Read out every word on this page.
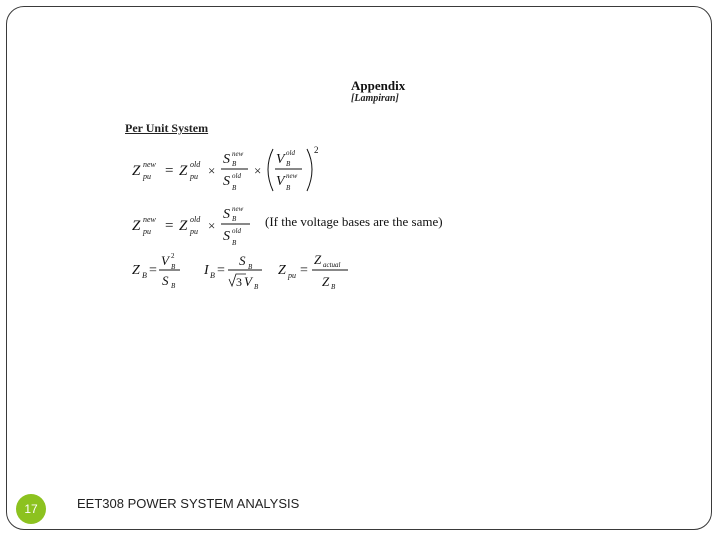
Appendix
[Lampiran]
Per Unit System
Z new
pu = Z old
pu ×
S new
B
S old
B
×
V old
B
V new
B
2
Z new
pu = Z old
pu ×
S new
B
S old
B
(If the voltage bases are the same)
Z B =
V 2
B
S B
I B =
S B
3 V B
Z pu =
Z actual
Z B
17	EET308 POWER SYSTEM ANALYSIS
